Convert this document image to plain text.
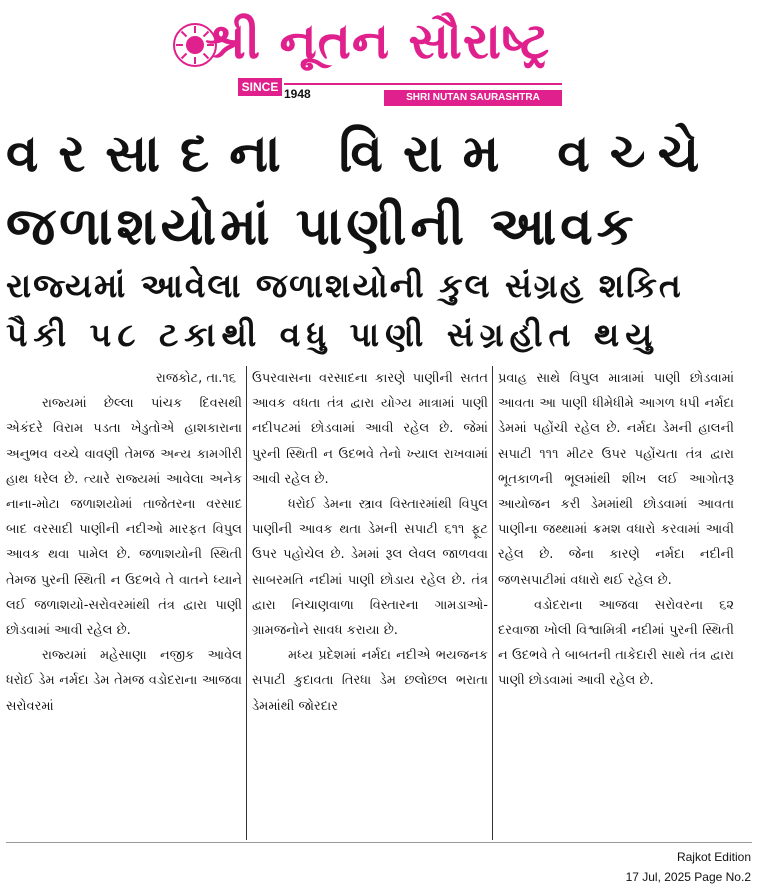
શ્રી નૂતન સૌરાષ્ટ્ર
SINCE 1948	SHRI NUTAN SAURASHTRA
વરસાદના વિરામ વચ્ચે
જળાશયોમાં પાણીની આવક
રાજ્યમાં આવેલા જળાશયોની કુલ સંગ્રહ શકિત
પૈકી ૫૮ ટકાથી વધુ પાણી સંગ્રહીત થયુ

રાજકોટ, તા.૧૬

રાજ્યમાં છેલ્લા પાંચક દિવસથી એકંદરે વિરામ પડતા ખેડુતોએ હાશકારાના અનુભવ વચ્ચે વાવણી તેમજ અન્ય કામગીરી હાથ ધરેલ છે. ત્યારે રાજ્યમાં આવેલા અનેક નાના-મોટા જળાશયોમાં તાજેતરના વરસાદ બાદ વરસાદી પાણીની નદીઓ મારફત વિપુલ આવક થવા પામેલ છે. જળાશયોની સ્થિતી તેમજ પુરની સ્થિતી ન ઉદભવે તે વાતને ધ્યાને લઈ જળાશયો-સરોવરમાંથી તંત્ર દ્વારા પાણી છોડવામાં આવી રહેલ છે.

રાજ્યમાં મહેસાણા નજીક આવેલ ધરોઈ ડેમ નર્મદા ડેમ તેમજ વડોદરાના આજવા સરોવરમાં

ઉપરવાસના વરસાદના કારણે પાણીની સતત આવક વધતા તંત્ર દ્વારા યોગ્ય માત્રામાં પાણી નદીપટમાં છોડવામાં આવી રહેલ છે. જેમાં પુરની સ્થિતી ન ઉદભવે તેનો ખ્યાલ રાખવામાં આવી રહેલ છે.

ધરોઈ ડેમના સ્ત્રાવ વિસ્તારમાંથી વિપુલ પાણીની આવક થતા ડેમની સપાટી ૬૧૧ ફૂટ ઉપર પહોચેલ છે. ડેમમાં રૂલ લેવલ જાળવવા સાબરમતિ નદીમાં પાણી છોડાય રહેલ છે. તંત્ર દ્વારા નિચાણવાળા વિસ્તારના ગામડાઓ-ગ્રામજનોને સાવધ કરાયા છે.

મધ્ય પ્રદેશમાં નર્મદા નદીએ ભયજનક સપાટી કુદાવતા તિરધા ડેમ છલોછલ ભરાતા ડેમમાંથી જોરદાર

પ્રવાહ સાથે વિપુલ માત્રામાં પાણી છોડવામાં આવતા આ પાણી ધીમેધીમે આગળ ધપી નર્મદા ડેમમાં પહોંચી રહેલ છે. નર્મદા ડેમની હાલની સપાટી ૧૧૧ મીટર ઉપર પહોંચતા તંત્ર દ્વારા ભૂતકાળની ભૂલમાંથી શીખ લઈ આગોતરૂ આયોજન કરી ડેમમાંથી છોડવામાં આવતા પાણીના જથ્થામાં ક્રમશ વધારો કરવામાં આવી રહેલ છે. જેના કારણે નર્મદા નદીની જળસપાટીમાં વધારો થઈ રહેલ છે.

વડોદરાના આજવા સરોવરના ૬૨ દરવાજા ખોલી વિશ્વામિત્રી નદીમાં પુરની સ્થિતી ન ઉદભવે તે બાબતની તાકેદારી સાથે તંત્ર દ્વારા પાણી છોડવામાં આવી રહેલ છે.

Rajkot Edition
17 Jul, 2025 Page No.2
